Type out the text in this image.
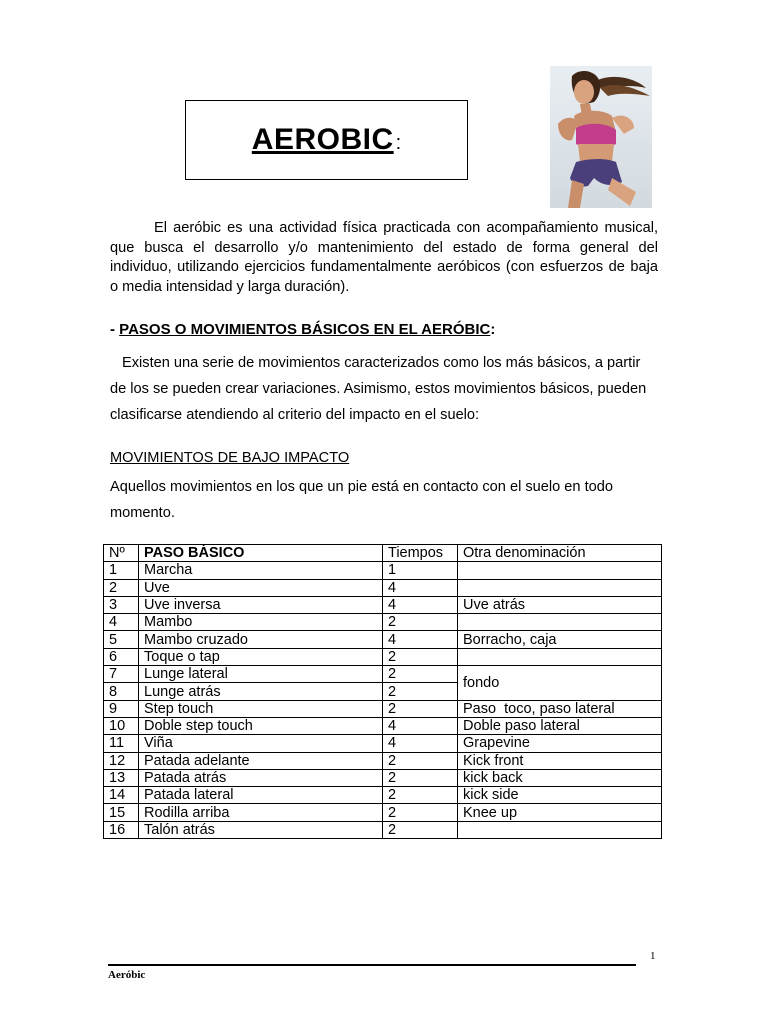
AEROBIC :

El aeróbic es una actividad física practicada con acompañamiento musical, que busca el desarrollo y/o mantenimiento del estado de forma general del individuo, utilizando ejercicios fundamentalmente aeróbicos (con esfuerzos de baja o media intensidad y larga duración).

- PASOS O MOVIMIENTOS BÁSICOS EN EL AERÓBIC:

Existen una serie de movimientos caracterizados como los más básicos, a partir de los se pueden crear variaciones. Asimismo, estos movimientos básicos, pueden clasificarse atendiendo al criterio del impacto en el suelo:

MOVIMIENTOS DE BAJO IMPACTO

Aquellos movimientos en los que un pie está en contacto con el suelo en todo momento.

Nº	PASO BÁSICO	Tiempos	Otra denominación
1	Marcha	1	
2	Uve	4	
3	Uve inversa	4	Uve atrás
4	Mambo	2	
5	Mambo cruzado	4	Borracho, caja
6	Toque o tap	2	
7	Lunge lateral	2	fondo
8	Lunge atrás	2	
9	Step touch	2	Paso  toco, paso lateral
10	Doble step touch	4	Doble paso lateral
11	Viña	4	Grapevine
12	Patada adelante	2	Kick front
13	Patada atrás	2	kick back
14	Patada lateral	2	kick side
15	Rodilla arriba	2	Knee up
16	Talón atrás	2	
1
Aeróbic
